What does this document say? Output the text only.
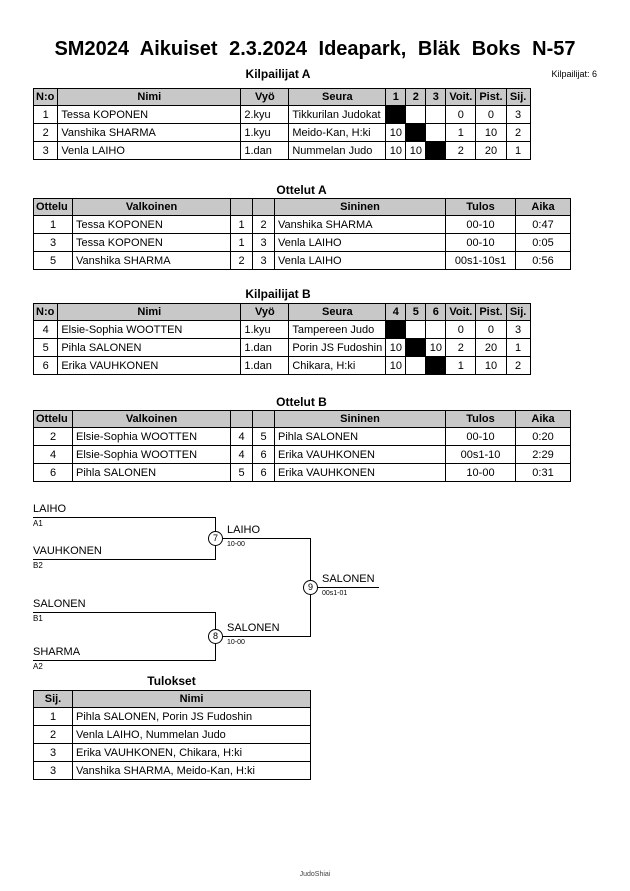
SM2024 Aikuiset 2.3.2024 Ideapark, Bläk Boks N-57
Kilpailijat A	Kilpailijat: 6
N:o	Nimi	Vyö	Seura	1	2	3	Voit.	Pist.	Sij.
1	Tessa KOPONEN	2.kyu	Tikkurilan Judokat				0	0	3
2	Vanshika SHARMA	1.kyu	Meido-Kan, H:ki	10			1	10	2
3	Venla LAIHO	1.dan	Nummelan Judo	10	10		2	20	1
Ottelut A
Ottelu	Valkoinen			Sininen	Tulos	Aika
1	Tessa KOPONEN	1	2	Vanshika SHARMA	00-10	0:47
3	Tessa KOPONEN	1	3	Venla LAIHO	00-10	0:05
5	Vanshika SHARMA	2	3	Venla LAIHO	00s1-10s1	0:56
Kilpailijat B
N:o	Nimi	Vyö	Seura	4	5	6	Voit.	Pist.	Sij.
4	Elsie-Sophia WOOTTEN	1.kyu	Tampereen Judo				0	0	3
5	Pihla SALONEN	1.dan	Porin JS Fudoshin	10		10	2	20	1
6	Erika VAUHKONEN	1.dan	Chikara, H:ki	10			1	10	2
Ottelut B
Ottelu	Valkoinen			Sininen	Tulos	Aika
2	Elsie-Sophia WOOTTEN	4	5	Pihla SALONEN	00-10	0:20
4	Elsie-Sophia WOOTTEN	4	6	Erika VAUHKONEN	00s1-10	2:29
6	Pihla SALONEN	5	6	Erika VAUHKONEN	10-00	0:31
LAIHO
A1
VAUHKONEN
B2
SALONEN
B1
SHARMA
A2
7
LAIHO
10-00
8
SALONEN
10-00
9
SALONEN
00s1-01
Tulokset
Sij.	Nimi
1	Pihla SALONEN, Porin JS Fudoshin
2	Venla LAIHO, Nummelan Judo
3	Erika VAUHKONEN, Chikara, H:ki
3	Vanshika SHARMA, Meido-Kan, H:ki
JudoShiai
